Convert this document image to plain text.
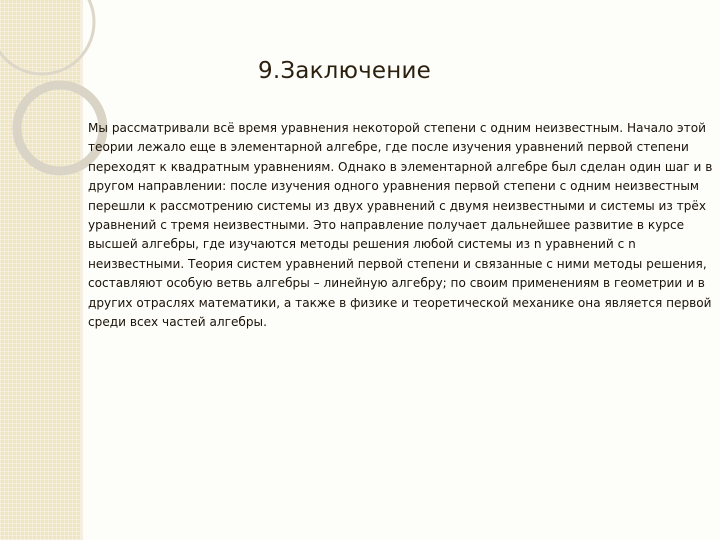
9.Заключение

Мы рассматривали всё время уравнения некоторой степени с одним неизвестным. Начало этой теории лежало еще в элементарной алгебре, где после изучения уравнений первой степени переходят к квадратным уравнениям. Однако в элементарной алгебре был сделан один шаг и в другом направлении: после изучения одного уравнения первой степени с одним неизвестным перешли к рассмотрению системы из двух уравнений с двумя неизвестными и системы из трёх уравнений с тремя неизвестными. Это направление получает дальнейшее развитие в курсе высшей алгебры, где изучаются методы решения любой системы из n уравнений с n неизвестными. Теория систем уравнений первой степени и связанные с ними методы решения, составляют особую ветвь алгебры – линейную алгебру; по своим применениям в геометрии и в других отраслях математики, а также в физике и теоретической механике она является первой среди всех частей алгебры.
